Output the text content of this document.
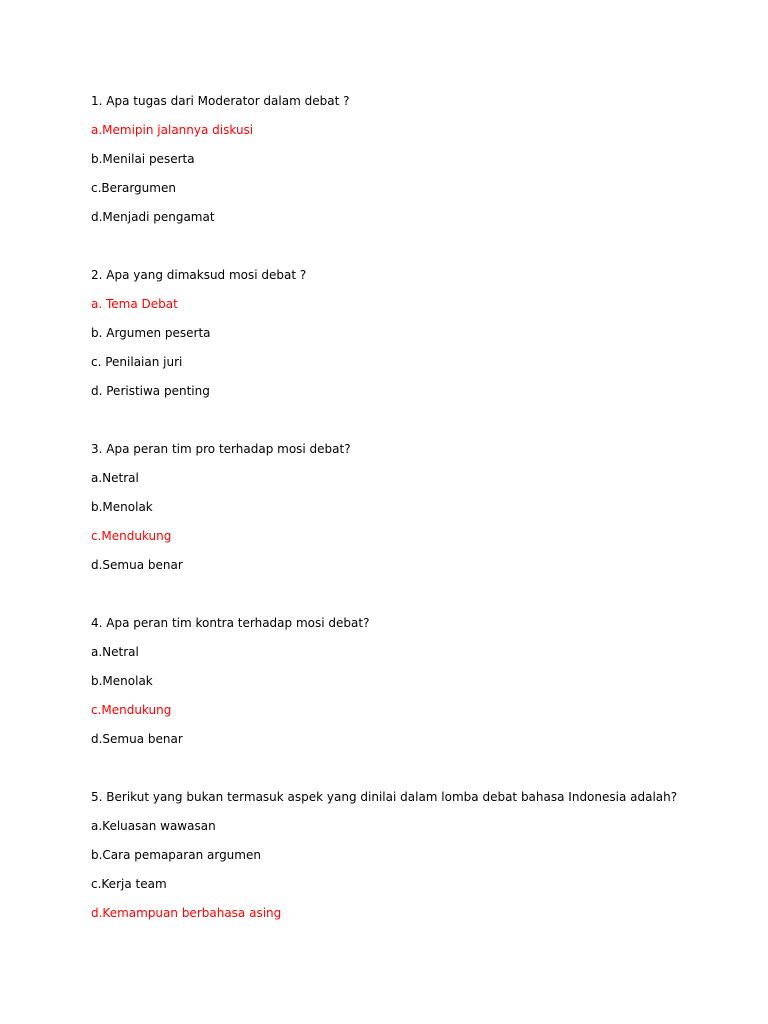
1. Apa tugas dari Moderator dalam debat ?
a.Memipin jalannya diskusi
b.Menilai peserta
c.Berargumen
d.Menjadi pengamat
2. Apa yang dimaksud mosi debat ?
a. Tema Debat
b. Argumen peserta
c. Penilaian juri
d. Peristiwa penting
3. Apa peran tim pro terhadap mosi debat?
a.Netral
b.Menolak
c.Mendukung
d.Semua benar
4. Apa peran tim kontra terhadap mosi debat?
a.Netral
b.Menolak
c.Mendukung
d.Semua benar
5. Berikut yang bukan termasuk aspek yang dinilai dalam lomba debat bahasa Indonesia adalah?
a.Keluasan wawasan
b.Cara pemaparan argumen
c.Kerja team
d.Kemampuan berbahasa asing
